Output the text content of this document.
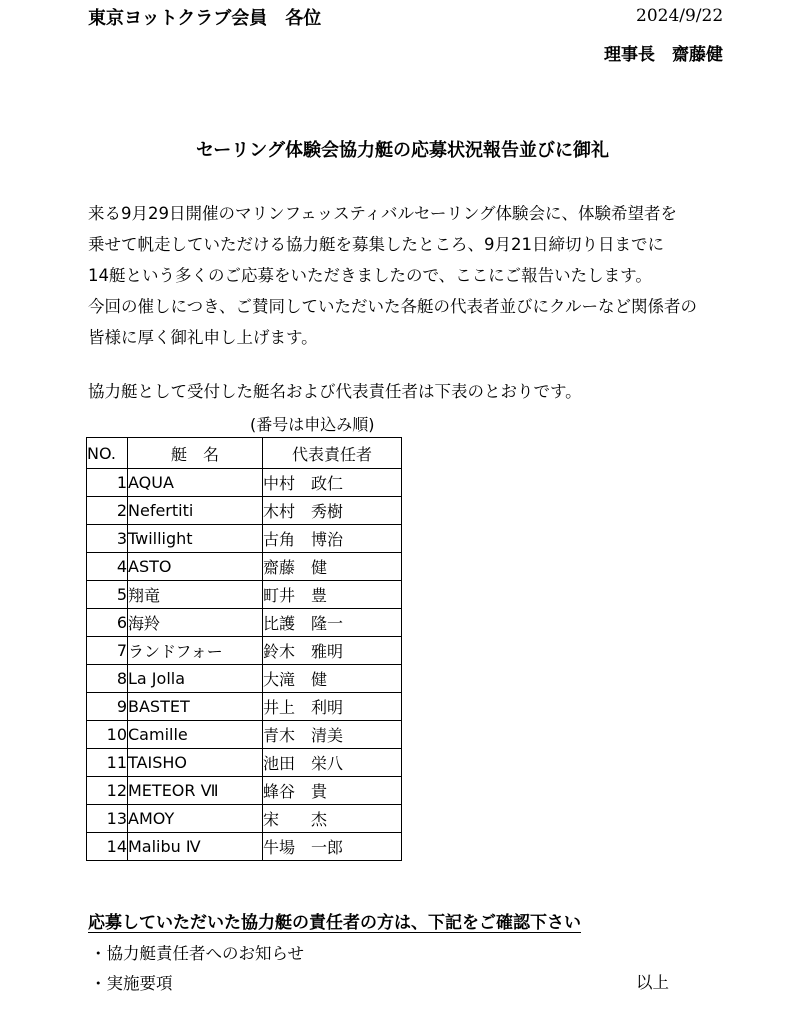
東京ヨットクラブ会員　各位	2024/9/22
理事長　齋藤健
セーリング体験会協力艇の応募状況報告並びに御礼

来る9月29日開催のマリンフェッスティバルセーリング体験会に、体験希望者を

乗せて帆走していただける協力艇を募集したところ、9月21日締切り日までに

14艇という多くのご応募をいただきましたので、ここにご報告いたします。

今回の催しにつき、ご賛同していただいた各艇の代表者並びにクルーなど関係者の

皆様に厚く御礼申し上げます。

協力艇として受付した艇名および代表責任者は下表のとおりです。
(番号は申込み順)
NO.	艇　名	代表責任者
1	AQUA	中村　政仁
2	Nefertiti	木村　秀樹
3	Twillight	古角　博治
4	ASTO	齋藤　健
5	翔竜	町井　豊
6	海羚	比護　隆一
7	ランドフォー	鈴木　雅明
8	La Jolla	大滝　健
9	BASTET	井上　利明
10	Camille	青木　清美
11	TAISHO	池田　栄八
12	METEOR Ⅶ	蜂谷　貴
13	AMOY	宋　　杰
14	Malibu Ⅳ	牛場　一郎
応募していただいた協力艇の責任者の方は、下記をご確認下さい
・協力艇責任者へのお知らせ
・実施要項	以上
